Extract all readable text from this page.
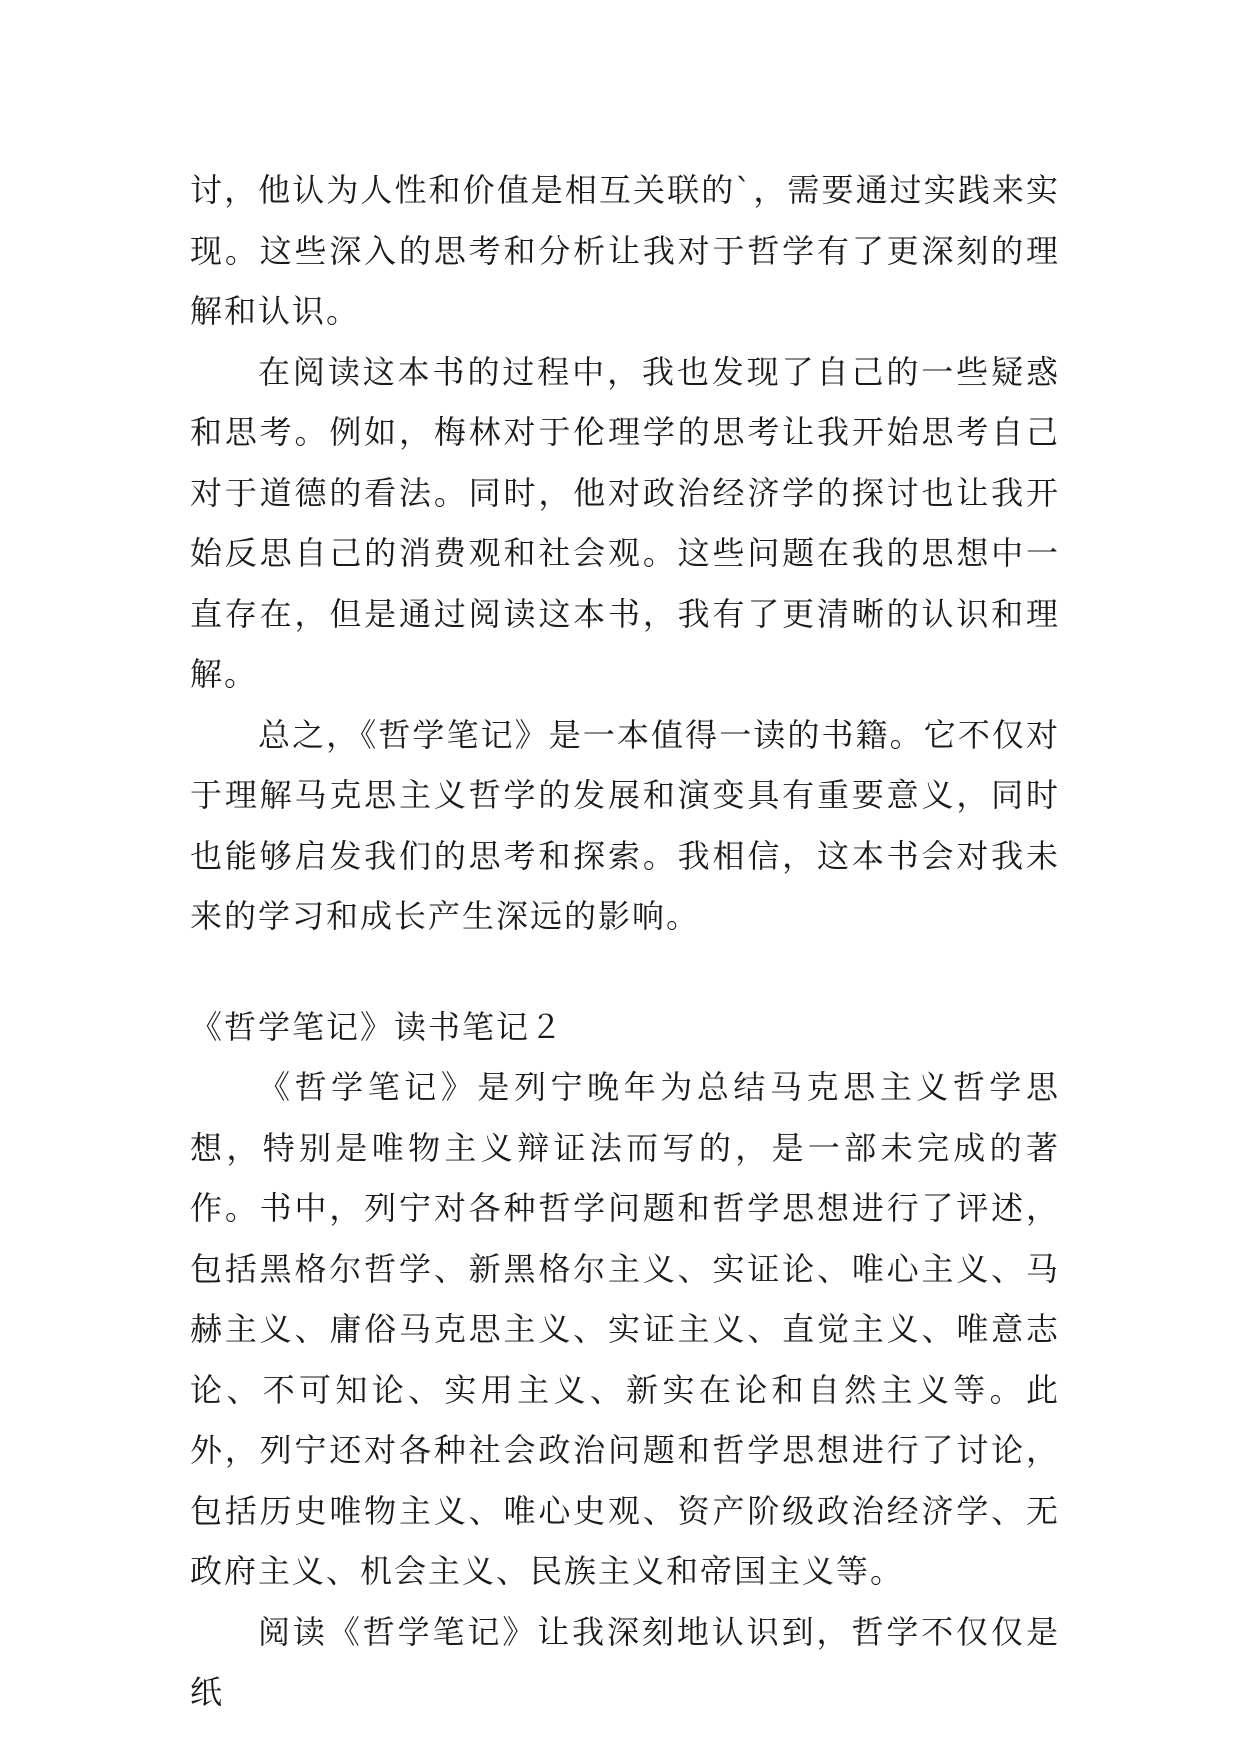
讨，他认为人性和价值是相互关联的`，需要通过实践来实现。这些深入的思考和分析让我对于哲学有了更深刻的理解和认识。

在阅读这本书的过程中，我也发现了自己的一些疑惑和思考。例如，梅林对于伦理学的思考让我开始思考自己对于道德的看法。同时，他对政治经济学的探讨也让我开始反思自己的消费观和社会观。这些问题在我的思想中一直存在，但是通过阅读这本书，我有了更清晰的认识和理解。

总之，《哲学笔记》是一本值得一读的书籍。它不仅对于理解马克思主义哲学的发展和演变具有重要意义，同时也能够启发我们的思考和探索。我相信，这本书会对我未来的学习和成长产生深远的影响。

《哲学笔记》读书笔记２

《哲学笔记》是列宁晚年为总结马克思主义哲学思想，特别是唯物主义辩证法而写的，是一部未完成的著作。书中，列宁对各种哲学问题和哲学思想进行了评述，包括黑格尔哲学、新黑格尔主义、实证论、唯心主义、马赫主义、庸俗马克思主义、实证主义、直觉主义、唯意志论、不可知论、实用主义、新实在论和自然主义等。此外，列宁还对各种社会政治问题和哲学思想进行了讨论，包括历史唯物主义、唯心史观、资产阶级政治经济学、无政府主义、机会主义、民族主义和帝国主义等。

阅读《哲学笔记》让我深刻地认识到，哲学不仅仅是纸
